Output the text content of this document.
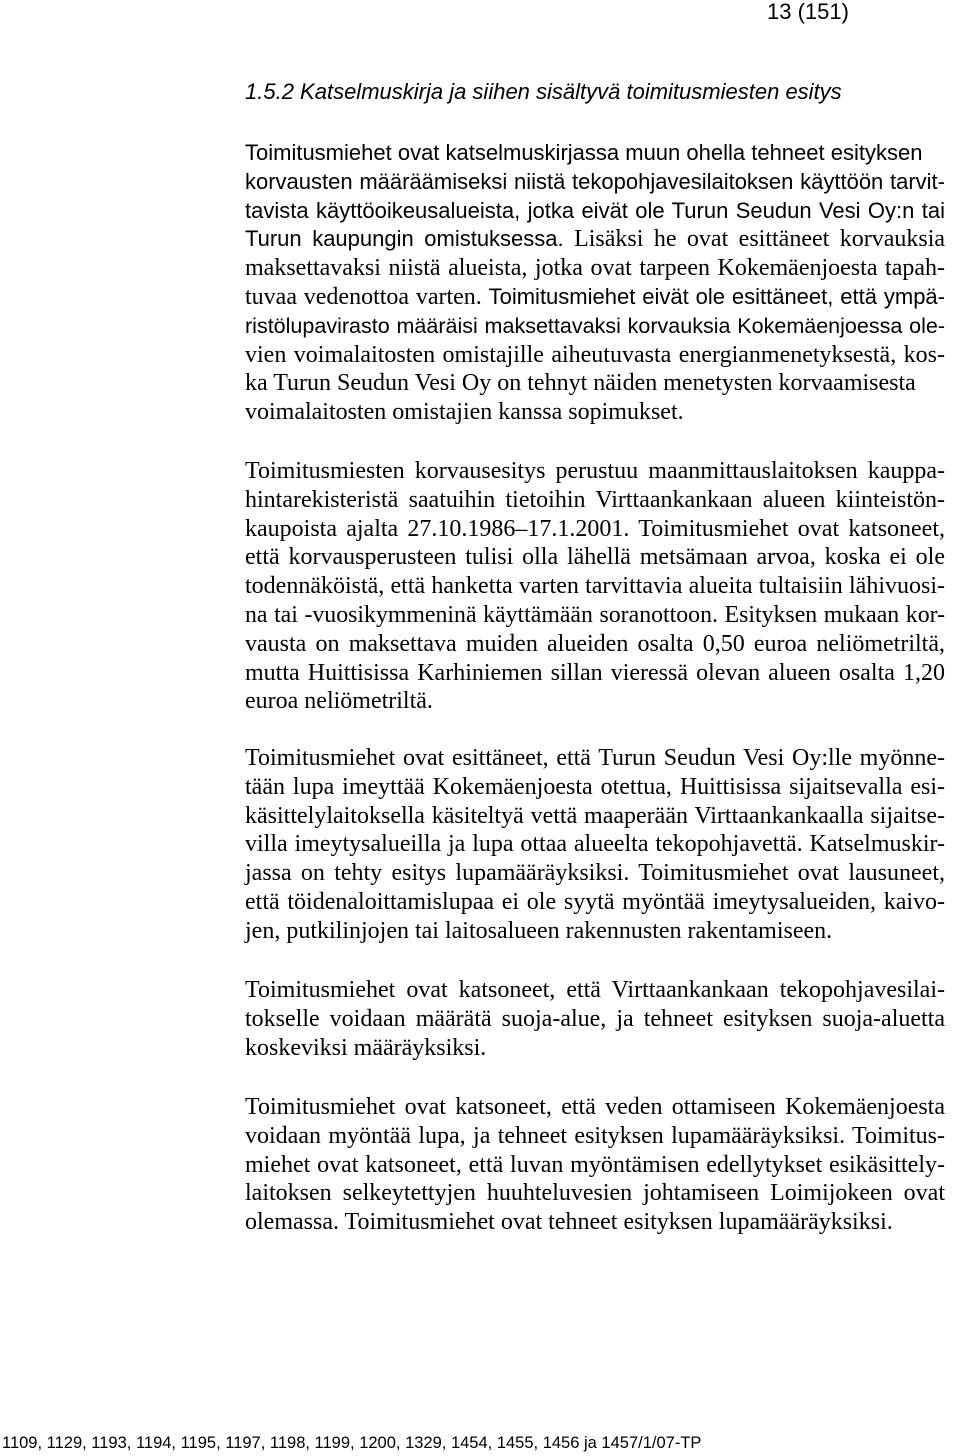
13 (151)
1.5.2 Katselmuskirja ja siihen sisältyvä toimitusmiesten esitys
Toimitusmiehet ovat katselmuskirjassa muun ohella tehneet esityksen
korvausten määräämiseksi niistä tekopohjavesilaitoksen käyttöön tarvit-
tavista käyttöoikeusalueista, jotka eivät ole Turun Seudun Vesi Oy:n tai
Turun kaupungin omistuksessa. Lisäksi he ovat esittäneet korvauksia
maksettavaksi niistä alueista, jotka ovat tarpeen Kokemäenjoesta tapah-
tuvaa vedenottoa varten. Toimitusmiehet eivät ole esittäneet, että ympä-
ristölupavirasto määräisi maksettavaksi korvauksia Kokemäenjoessa ole-
vien voimalaitosten omistajille aiheutuvasta energianmenetyksestä, kos-
ka Turun Seudun Vesi Oy on tehnyt näiden menetysten korvaamisesta
voimalaitosten omistajien kanssa sopimukset.
Toimitusmiesten korvausesitys perustuu maanmittauslaitoksen kauppa-
hintarekisteristä saatuihin tietoihin Virttaankankaan alueen kiinteistön-
kaupoista ajalta 27.10.1986–17.1.2001. Toimitusmiehet ovat katsoneet,
että korvausperusteen tulisi olla lähellä metsämaan arvoa, koska ei ole
todennäköistä, että hanketta varten tarvittavia alueita tultaisiin lähivuosi-
na tai -vuosikymmeninä käyttämään soranottoon. Esityksen mukaan kor-
vausta on maksettava muiden alueiden osalta 0,50 euroa neliömetriltä,
mutta Huittisissa Karhiniemen sillan vieressä olevan alueen osalta 1,20
euroa neliömetriltä.
Toimitusmiehet ovat esittäneet, että Turun Seudun Vesi Oy:lle myönne-
tään lupa imeyttää Kokemäenjoesta otettua, Huittisissa sijaitsevalla esi-
käsittelylaitoksella käsiteltyä vettä maaperään Virttaankankaalla sijaitse-
villa imeytysalueilla ja lupa ottaa alueelta tekopohjavettä. Katselmuskir-
jassa on tehty esitys lupamääräyksiksi. Toimitusmiehet ovat lausuneet,
että töidenaloittamislupaa ei ole syytä myöntää imeytysalueiden, kaivo-
jen, putkilinjojen tai laitosalueen rakennusten rakentamiseen.
Toimitusmiehet ovat katsoneet, että Virttaankankaan tekopohjavesilai-
tokselle voidaan määrätä suoja-alue, ja tehneet esityksen suoja-aluetta
koskeviksi määräyksiksi.
Toimitusmiehet ovat katsoneet, että veden ottamiseen Kokemäenjoesta
voidaan myöntää lupa, ja tehneet esityksen lupamääräyksiksi. Toimitus-
miehet ovat katsoneet, että luvan myöntämisen edellytykset esikäsittely-
laitoksen selkeytettyjen huuhteluvesien johtamiseen Loimijokeen ovat
olemassa. Toimitusmiehet ovat tehneet esityksen lupamääräyksiksi.
1109, 1129, 1193, 1194, 1195, 1197, 1198, 1199, 1200, 1329, 1454, 1455, 1456 ja 1457/1/07-TP
